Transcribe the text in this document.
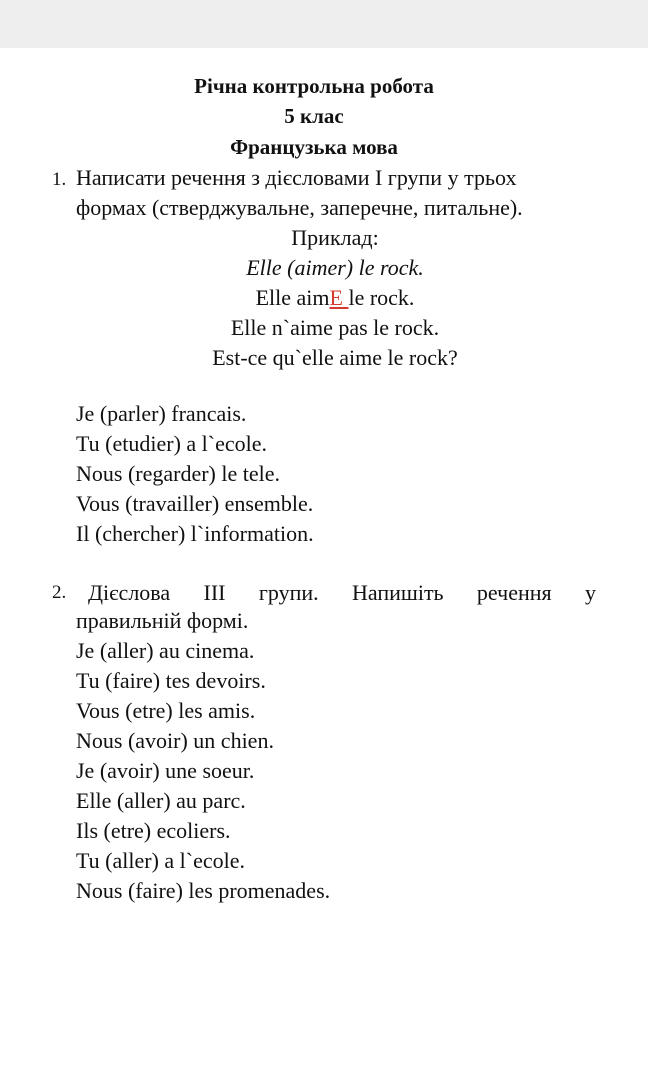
Річна контрольна робота
5 клас
Французька мова
1. Написати речення з дієсловами І групи у трьох
формах (стверджувальне, заперечне, питальне).
Приклад:
Elle (aimer) le rock.
Elle aimE le rock.
Elle n`aime pas le rock.
Est-ce qu`elle aime le rock?
Je (parler) francais.
Tu (etudier) a l`ecole.
Nous (regarder) le tele.
Vous (travailler) ensemble.
Il (chercher) l`information.
2. Дієслова ІІІ групи. Напишіть речення у
правильній формі.
Je (aller) au cinema.
Tu (faire) tes devoirs.
Vous (etre) les amis.
Nous (avoir) un chien.
Je (avoir) une soeur.
Elle (aller) au parc.
Ils (etre) ecoliers.
Tu (aller) a l`ecole.
Nous (faire) les promenades.
